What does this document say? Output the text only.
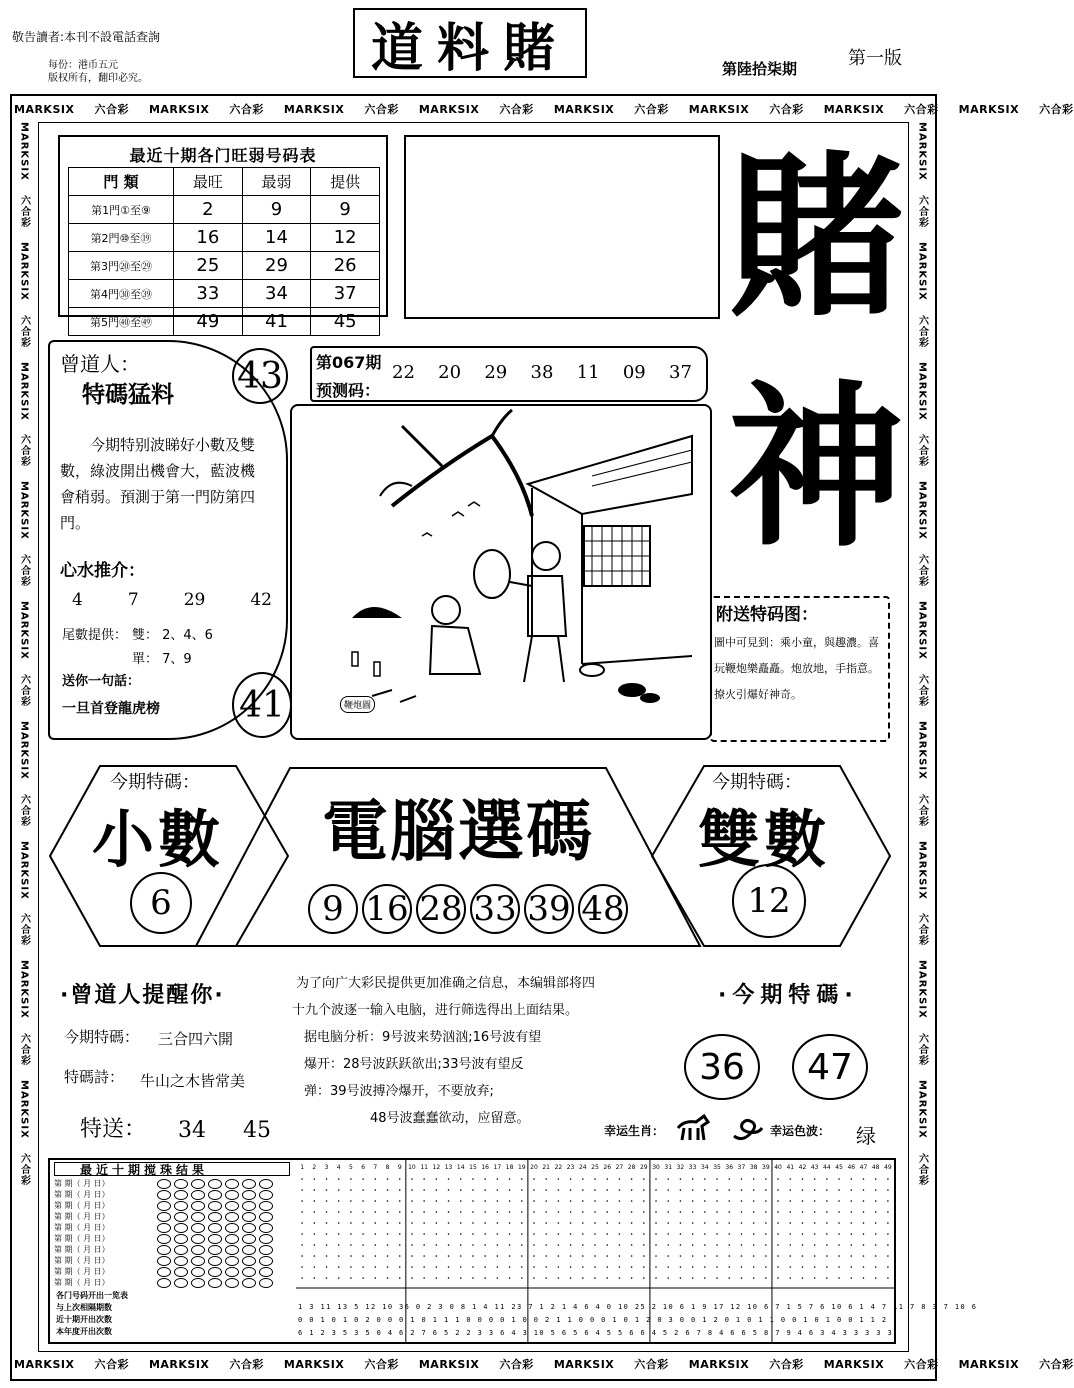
敬告讀者:本刊不設電話查詢
每份：港币五元
版权所有，翻印必究。	道料賭	第陸拾柒期	第一版
MARKSIX 六合彩 MARKSIX 六合彩 MARKSIX 六合彩 MARKSIX 六合彩 MARKSIX 六合彩 MARKSIX 六合彩 MARKSIX 六合彩 MARKSIX 六合彩
MARKSIX 六合彩 MARKSIX 六合彩 MARKSIX 六合彩 MARKSIX 六合彩 MARKSIX 六合彩 MARKSIX 六合彩 MARKSIX 六合彩 MARKSIX 六合彩
MARKSIX
六合彩
MARKSIX
六合彩
MARKSIX
六合彩
MARKSIX
六合彩
MARKSIX
六合彩
MARKSIX
六合彩
MARKSIX
六合彩
MARKSIX
六合彩
MARKSIX
六合彩
MARKSIX
六合彩
MARKSIX
六合彩
MARKSIX
六合彩
MARKSIX
六合彩
MARKSIX
六合彩
MARKSIX
六合彩
MARKSIX
六合彩
MARKSIX
六合彩
MARKSIX
六合彩
最近十期各门旺弱号码表
門 類	最旺	最弱	提供
第1門①至⑨	2	9	9
第2門⑩至⑲	16	14	12
第3門⑳至㉙	25	29	26
第4門㉚至㊴	33	34	37
第5門㊵至㊾	49	41	45 賭
神
曾道人：
特碼猛料 43
今期特别波睇好小數及雙數，綠波開出機會大，藍波機會稍弱。預測于第一門防第四門。
心水推介：
4	7	29	42
尾數提供： 雙： 2、4、6
單： 7、9
送你一句話：
一旦首登龍虎榜 41
第067期
预测码：
22 20 29 38 11 09 37
鞭炮圖
附送特码图：
圖中可見到：乘小童，與趣濃。喜玩鞭炮樂矗矗。炮放地，手指意。撩火引爆好神奇。
今期特碼：
小數
6
電腦選碼
9 16 28 33 39 48
今期特碼：
雙數
12
为了向广大彩民提供更加准确之信息，本编辑部将四
十九个波逐一输入电脑，进行筛选得出上面结果。
据电脑分析：9号波来势汹汹;16号波有望
爆开：28号波跃跃欲出;33号波有望反
弹：39号波搏冷爆开，不要放弃;
48号波蠢蠢欲动，应留意。
·曾道人提醒你·
今期特碼： 三合四六開
特碼詩： 牛山之木皆常美
特送： 34 45
·今期特碼·
36 47
幸运生肖：	幸运色波： 绿
最近十期搅珠结果
第 期（ 月 日）
第 期（ 月 日）
第 期（ 月 日）
第 期（ 月 日）
第 期（ 月 日）
第 期（ 月 日）
第 期（ 月 日）
第 期（ 月 日）
第 期（ 月 日）
第 期（ 月 日）
各门号码开出一览表
与上次相隔期数
近十期开出次数
本年度开出次数
1 2 3 4 5 6 7 8 9 10 11 12 13 14 15 16 17 18 19 20 21 22 23 24 25 26 27 28 29 30 31 32 33 34 35 36 37 38 39 40 41 42 43 44 45 46 47 48 49
1 3 11 13 5 12 10 36 0 2 3 0 8 1 4 11 23 7 1 2 1 4 6 4 0 10 25 2 10 6 1 9 17 12 10 6 7 1 5 7 6 10 6 1 4 7 11 7 8 3 7 10 6
0 0 1 0 1 0 2 0 0 0 1 0 1 1 1 0 0 0 0 1 0 0 2 1 1 0 0 0 1 0 1 2 0 3 0 0 1 2 0 1 0 1 1 0 0 1 0 1 0 0 1 1 2
6 1 2 3 5 3 5 0 4 6 2 7 6 5 2 2 3 3 6 4 3 10 5 6 5 6 4 5 5 6 6 4 5 2 6 7 8 4 6 6 5 8 7 9 4 6 3 4 3 3 3 3 3
